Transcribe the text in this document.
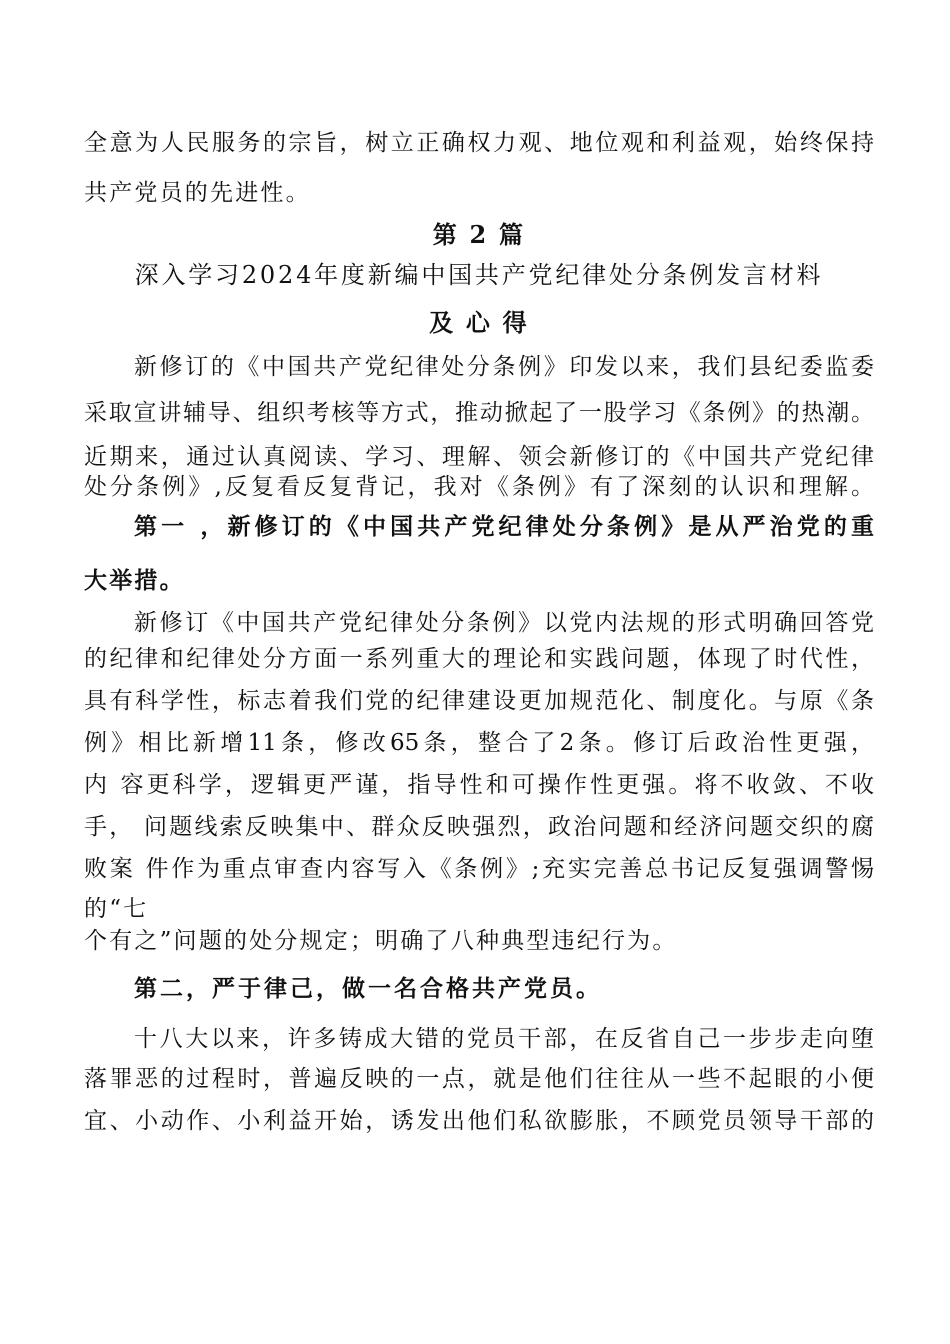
全意为人民服务的宗旨，树立正确权力观、地位观和利益观，始终保持
共产党员的先进性。
第 2 篇
深入学习2024年度新编中国共产党纪律处分条例发言材料
及 心 得
新修订的《中国共产党纪律处分条例》印发以来，我们县纪委监委
采取宣讲辅导、组织考核等方式，推动掀起了一股学习《条例》的热潮。
近期来，通过认真阅读、学习、理解、领会新修订的《中国共产党纪律
处分条例》,反复看反复背记，我对《条例》有了深刻的认识和理解。
第一 ，新修订的《中国共产党纪律处分条例》是从严治党的重
大举措。
新修订《中国共产党纪律处分条例》以党内法规的形式明确回答党
的纪律和纪律处分方面一系列重大的理论和实践问题，体现了时代性，
具有科学性，标志着我们党的纪律建设更加规范化、制度化。与原《条
例》相比新增11条，修改65条，整合了2条。修订后政治性更强，
内 容更科学，逻辑更严谨，指导性和可操作性更强。将不收敛、不收
手， 问题线索反映集中、群众反映强烈，政治问题和经济问题交织的腐
败案 件作为重点审查内容写入《条例》;充实完善总书记反复强调警惕
的“七
个有之”问题的处分规定；明确了八种典型违纪行为。
第二，严于律己，做一名合格共产党员。
十八大以来，许多铸成大错的党员干部，在反省自己一步步走向堕
落罪恶的过程时，普遍反映的一点，就是他们往往从一些不起眼的小便
宜、小动作、小利益开始，诱发出他们私欲膨胀，不顾党员领导干部的
